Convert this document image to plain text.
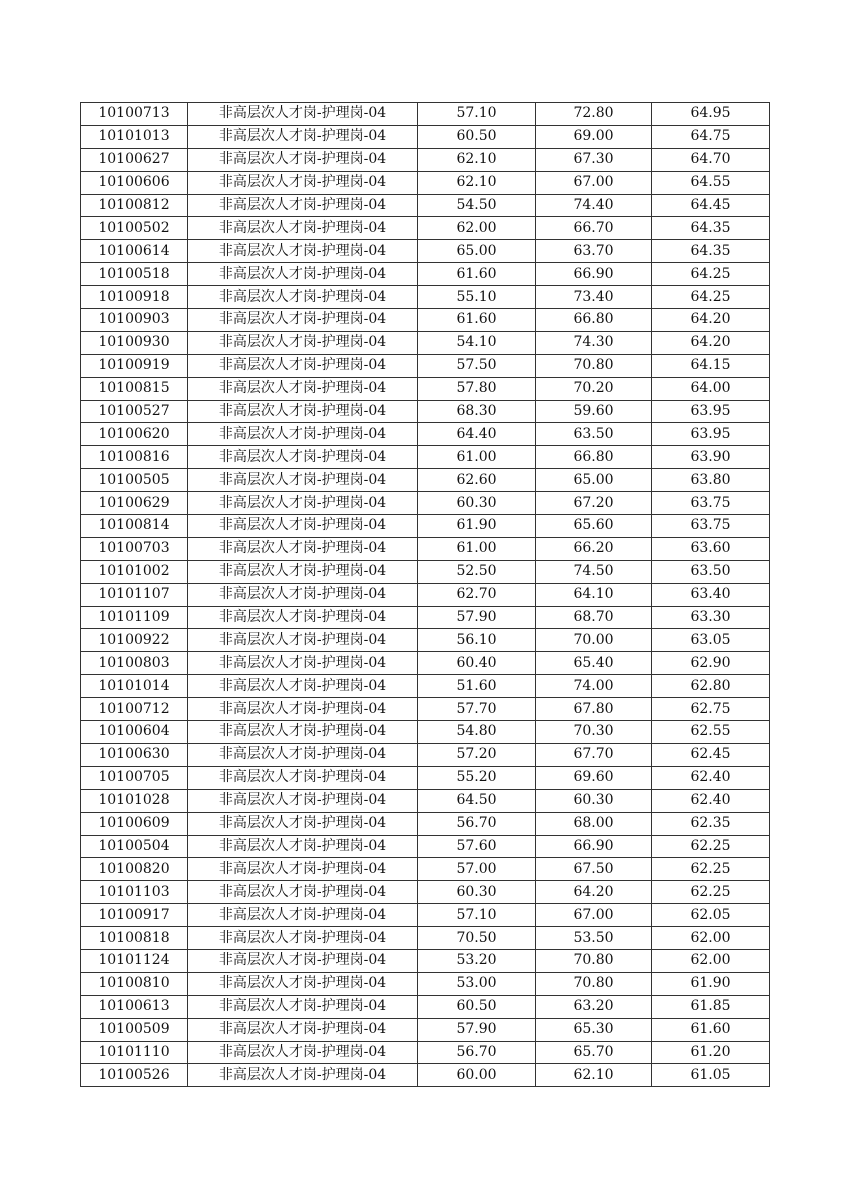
10100713	非高层次人才岗-护理岗-04	57.10	72.80	64.95
10101013	非高层次人才岗-护理岗-04	60.50	69.00	64.75
10100627	非高层次人才岗-护理岗-04	62.10	67.30	64.70
10100606	非高层次人才岗-护理岗-04	62.10	67.00	64.55
10100812	非高层次人才岗-护理岗-04	54.50	74.40	64.45
10100502	非高层次人才岗-护理岗-04	62.00	66.70	64.35
10100614	非高层次人才岗-护理岗-04	65.00	63.70	64.35
10100518	非高层次人才岗-护理岗-04	61.60	66.90	64.25
10100918	非高层次人才岗-护理岗-04	55.10	73.40	64.25
10100903	非高层次人才岗-护理岗-04	61.60	66.80	64.20
10100930	非高层次人才岗-护理岗-04	54.10	74.30	64.20
10100919	非高层次人才岗-护理岗-04	57.50	70.80	64.15
10100815	非高层次人才岗-护理岗-04	57.80	70.20	64.00
10100527	非高层次人才岗-护理岗-04	68.30	59.60	63.95
10100620	非高层次人才岗-护理岗-04	64.40	63.50	63.95
10100816	非高层次人才岗-护理岗-04	61.00	66.80	63.90
10100505	非高层次人才岗-护理岗-04	62.60	65.00	63.80
10100629	非高层次人才岗-护理岗-04	60.30	67.20	63.75
10100814	非高层次人才岗-护理岗-04	61.90	65.60	63.75
10100703	非高层次人才岗-护理岗-04	61.00	66.20	63.60
10101002	非高层次人才岗-护理岗-04	52.50	74.50	63.50
10101107	非高层次人才岗-护理岗-04	62.70	64.10	63.40
10101109	非高层次人才岗-护理岗-04	57.90	68.70	63.30
10100922	非高层次人才岗-护理岗-04	56.10	70.00	63.05
10100803	非高层次人才岗-护理岗-04	60.40	65.40	62.90
10101014	非高层次人才岗-护理岗-04	51.60	74.00	62.80
10100712	非高层次人才岗-护理岗-04	57.70	67.80	62.75
10100604	非高层次人才岗-护理岗-04	54.80	70.30	62.55
10100630	非高层次人才岗-护理岗-04	57.20	67.70	62.45
10100705	非高层次人才岗-护理岗-04	55.20	69.60	62.40
10101028	非高层次人才岗-护理岗-04	64.50	60.30	62.40
10100609	非高层次人才岗-护理岗-04	56.70	68.00	62.35
10100504	非高层次人才岗-护理岗-04	57.60	66.90	62.25
10100820	非高层次人才岗-护理岗-04	57.00	67.50	62.25
10101103	非高层次人才岗-护理岗-04	60.30	64.20	62.25
10100917	非高层次人才岗-护理岗-04	57.10	67.00	62.05
10100818	非高层次人才岗-护理岗-04	70.50	53.50	62.00
10101124	非高层次人才岗-护理岗-04	53.20	70.80	62.00
10100810	非高层次人才岗-护理岗-04	53.00	70.80	61.90
10100613	非高层次人才岗-护理岗-04	60.50	63.20	61.85
10100509	非高层次人才岗-护理岗-04	57.90	65.30	61.60
10101110	非高层次人才岗-护理岗-04	56.70	65.70	61.20
10100526	非高层次人才岗-护理岗-04	60.00	62.10	61.05
